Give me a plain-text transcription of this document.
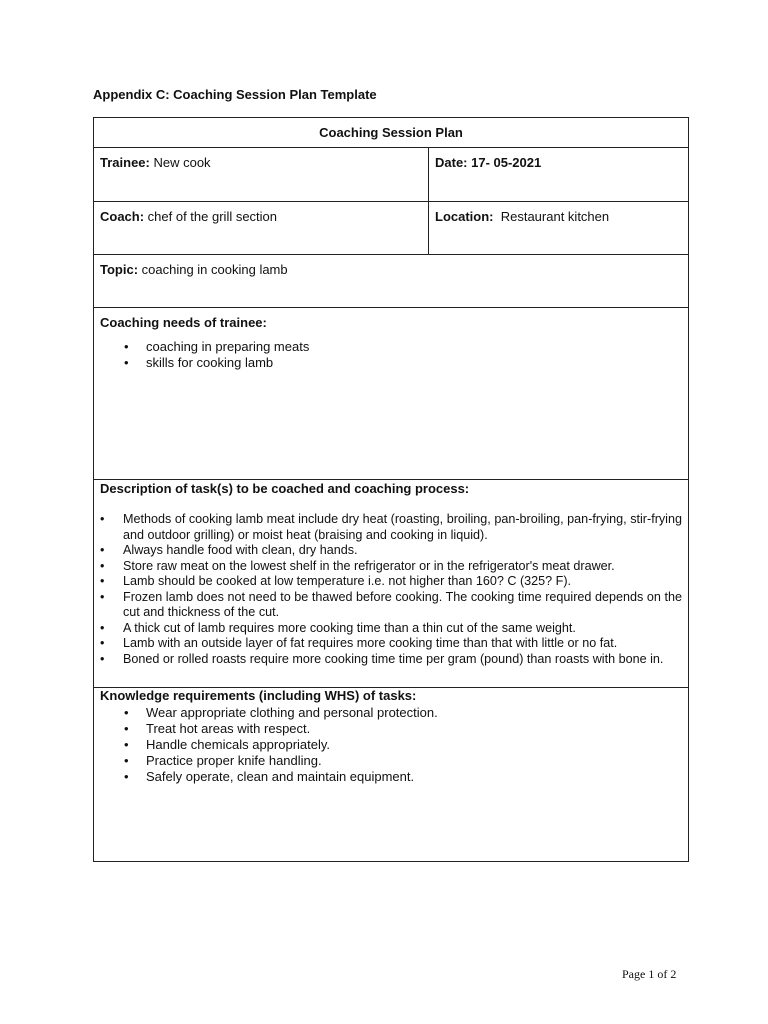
Appendix C: Coaching Session Plan Template
Coaching Session Plan
Trainee: New cook	Date: 17- 05-2021
Coach: chef of the grill section	Location:  Restaurant kitchen
Topic: coaching in cooking lamb
Coaching needs of trainee:
• coaching in preparing meats
• skills for cooking lamb
Description of task(s) to be coached and coaching process:
• Methods of cooking lamb meat include dry heat (roasting, broiling, pan-broiling, pan-frying, stir-frying and outdoor grilling) or moist heat (braising and cooking in liquid).
• Always handle food with clean, dry hands.
• Store raw meat on the lowest shelf in the refrigerator or in the refrigerator's meat drawer.
• Lamb should be cooked at low temperature i.e. not higher than 160? C (325? F).
• Frozen lamb does not need to be thawed before cooking. The cooking time required depends on the cut and thickness of the cut.
• A thick cut of lamb requires more cooking time than a thin cut of the same weight.
• Lamb with an outside layer of fat requires more cooking time than that with little or no fat.
• Boned or rolled roasts require more cooking time time per gram (pound) than roasts with bone in.
Knowledge requirements (including WHS) of tasks:
• Wear appropriate clothing and personal protection.
• Treat hot areas with respect.
• Handle chemicals appropriately.
• Practice proper knife handling.
• Safely operate, clean and maintain equipment.
Page 1 of 2
